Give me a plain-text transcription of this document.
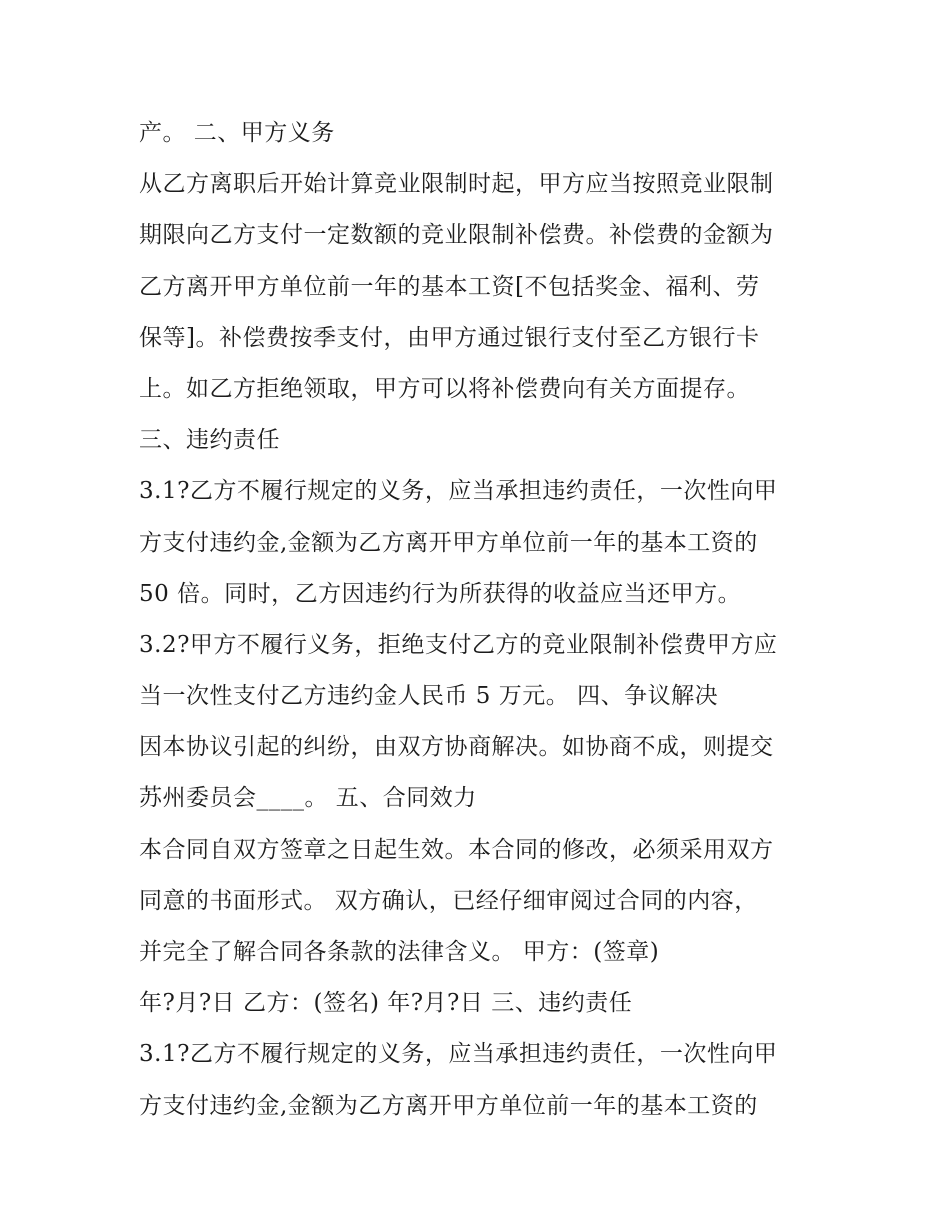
产。 二、甲方义务
从乙方离职后开始计算竞业限制时起，甲方应当按照竞业限制
期限向乙方支付一定数额的竞业限制补偿费。补偿费的金额为
乙方离开甲方单位前一年的基本工资[不包括奖金、福利、劳
保等]。补偿费按季支付，由甲方通过银行支付至乙方银行卡
上。如乙方拒绝领取，甲方可以将补偿费向有关方面提存。
三、违约责任
3.1?乙方不履行规定的义务，应当承担违约责任，一次性向甲
方支付违约金,金额为乙方离开甲方单位前一年的基本工资的
50 倍。同时，乙方因违约行为所获得的收益应当还甲方。
3.2?甲方不履行义务，拒绝支付乙方的竞业限制补偿费甲方应
当一次性支付乙方违约金人民币 5 万元。 四、争议解决
因本协议引起的纠纷，由双方协商解决。如协商不成，则提交
苏州委员会____。 五、合同效力
本合同自双方签章之日起生效。本合同的修改，必须采用双方
同意的书面形式。 双方确认，已经仔细审阅过合同的内容，
并完全了解合同各条款的法律含义。 甲方：(签章)
年?月?日 乙方：(签名) 年?月?日 三、违约责任
3.1?乙方不履行规定的义务，应当承担违约责任，一次性向甲
方支付违约金,金额为乙方离开甲方单位前一年的基本工资的
